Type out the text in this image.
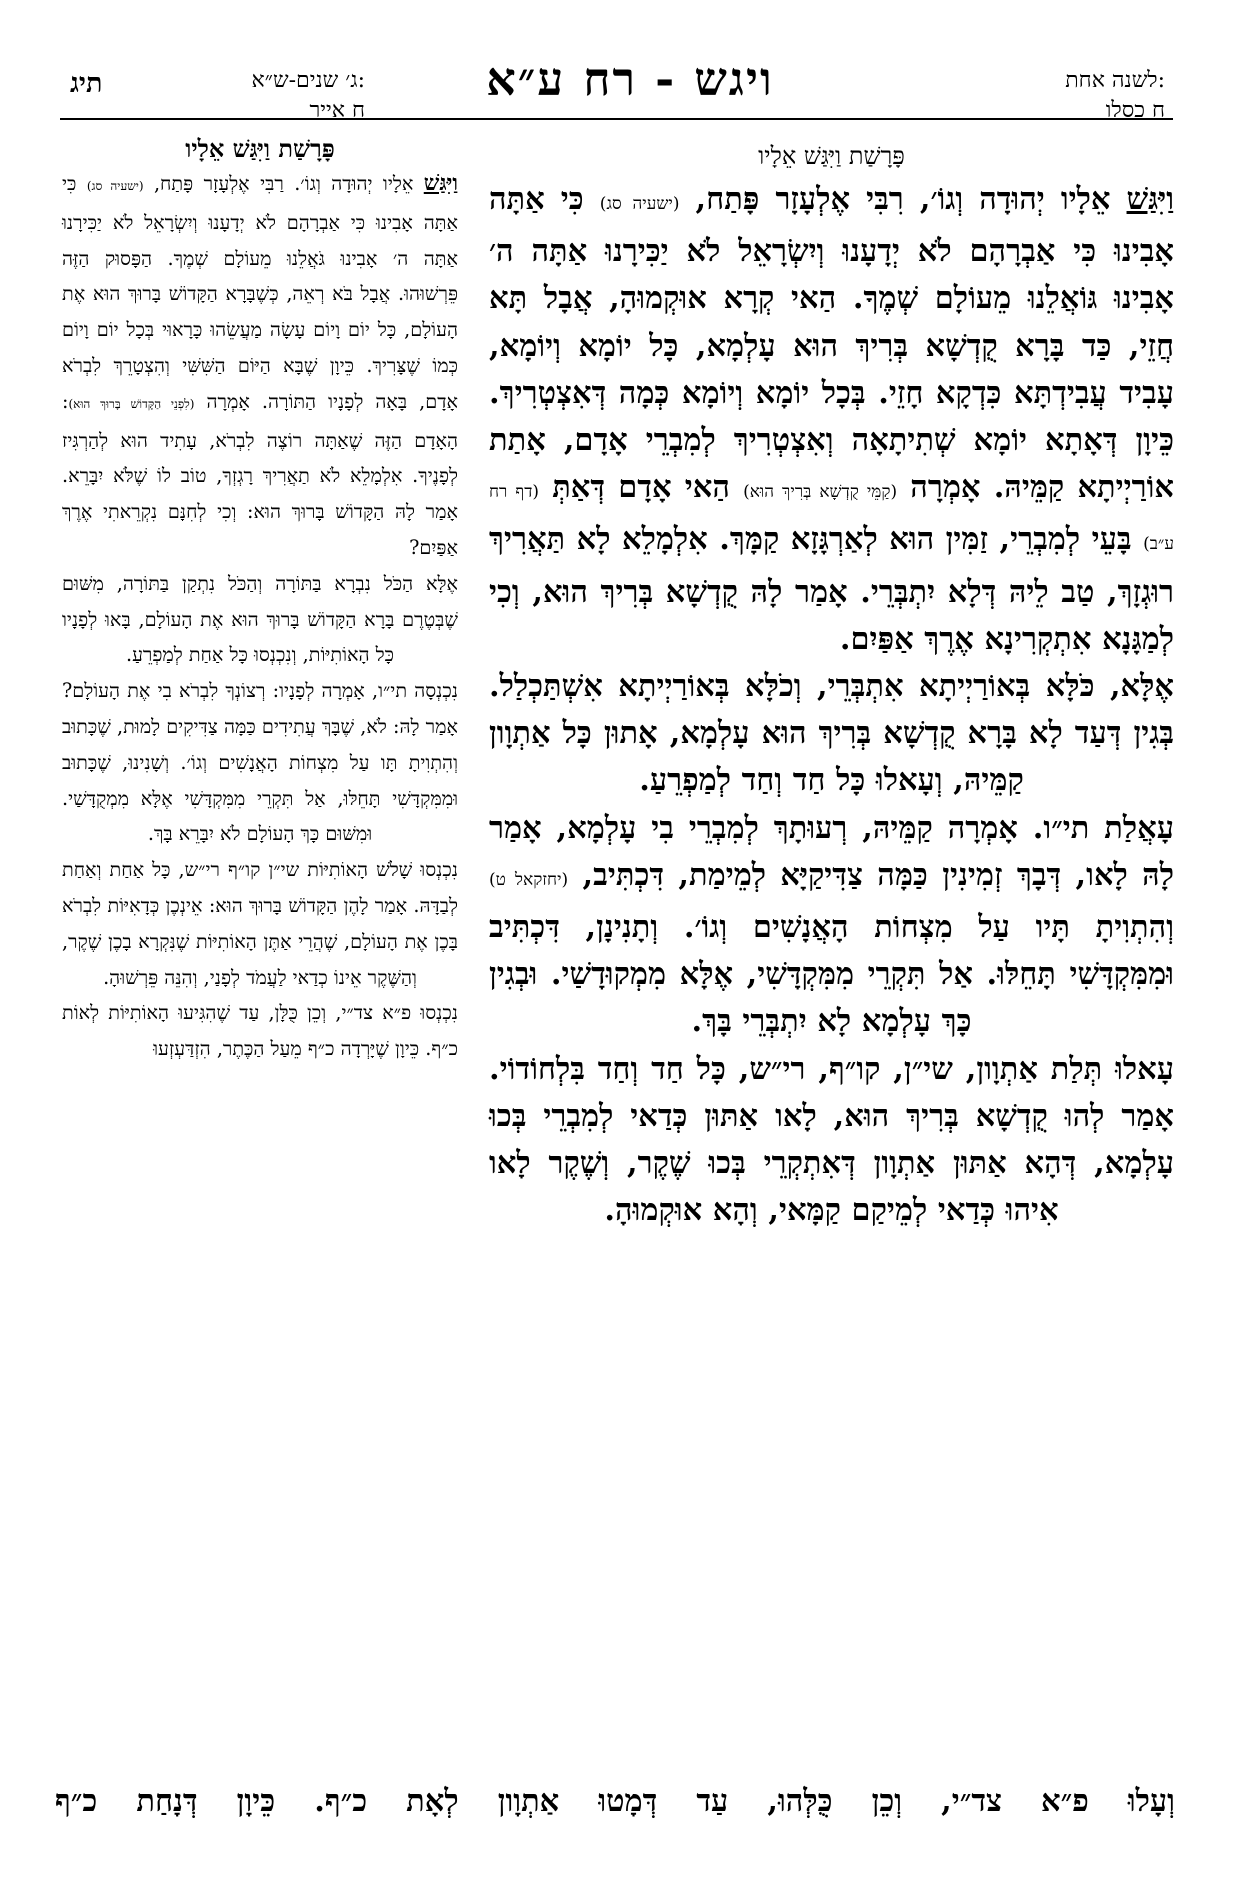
תיג	ג׳ שנים-ש״א:
ח אייר
ויגש - רח ע״א	לשנה אחת:
ח כסלו
פָּרָשַׁת וַיִּגַּשׁ אֵלָיו

וַיִּגַּשׁ אֵלָיו יְהוּדָה וְגוֹ׳, רִבִּי אֶלְעָזָר פָּתַח, (ישעיה סג) כִּי אַתָּה אָבִינוּ כִּי אַבְרָהָם לֹא יְדָעָנוּ וְיִשְׂרָאֵל לֹא יַכִּירָנוּ אַתָּה ה׳ אָבִינוּ גּוֹאֲלֵנוּ מֵעוֹלָם שְׁמֶךָ. הַאי קְרָא אוּקְמוּהָ, אֲבָל תָּא חֲזֵי, כַּד בָּרָא קֻדְשָׁא בְּרִיךְ הוּא עָלְמָא, כָּל יוֹמָא וְיוֹמָא, עָבִיד עֲבִידְתָּא כִּדְקָא חָזֵי. בְּכָל יוֹמָא וְיוֹמָא כְּמָה דְּאִצְטְרִיךְ. כֵּיוָן דְּאָתָא יוֹמָא שְׁתִיתָאָה וְאִצְטְרִיךְ לְמִבְרֵי אָדָם, אָתַת אוֹרַיְיתָא קַמֵּיהּ. אָמְרָה (קַמֵּי קֻדְשָׁא בְּרִיךְ הוּא) הַאי אָדָם דְּאַתְּ (דף רח ע״ב) בָּעֵי לְמִבְרֵי, זַמִּין הוּא לְאַרְגָּזָא קַמָּךְ. אִלְמָלֵא לָא תַּאֲרִיךְ רוּגְזָךְ, טַב לֵיהּ דְּלָא יִתְבְּרֵי. אָמַר לָהּ קֻדְשָׁא בְּרִיךְ הוּא, וְכִי לְמַגָּנָא אִתְקְרִינָא אֶרֶךְ אַפַּיִם.

אֶלָּא, כֹּלָּא בְּאוֹרַיְיתָא אִתְבְּרֵי, וְכֹלָּא בְּאוֹרַיְיתָא אִשְׁתַּכְלַל. בְּגִין דְּעַד לָא בָּרָא קֻדְשָׁא בְּרִיךְ הוּא עָלְמָא, אָתוּן כָּל אַתְוָון קַמֵּיהּ, וְעָאלוּ כָּל חַד וְחַד לְמַפְרֵעַ.

עָאֲלַת תי״ו. אָמְרָה קַמֵּיהּ, רְעוּתָךְ לְמִבְרֵי בִי עָלְמָא, אָמַר לָהּ לָאו, דְּבָךְ זְמִינִין כַּמָּה צַדִּיקַיָּא לְמֵימַת, דִּכְתִּיב, (יחזקאל ט) וְהִתְוִיתָ תָּיו עַל מִצְחוֹת הָאֲנָשִׁים וְגוֹ׳. וְתָנִינָן, דִּכְתִּיב וּמִמִּקְדָּשִׁי תָּחֵלּוּ. אַל תִּקְרֵי מִמִּקְדָּשִׁי, אֶלָּא מִמְקוּדָשַׁי. וּבְגִין כָּךְ עָלְמָא לָא יִתְבְּרֵי בָּךְ.

עָאלוּ תְּלַת אַתְוָון, שי״ן, קו״ף, רי״ש, כָּל חַד וְחַד בִּלְחוֹדוֹי. אָמַר לְהוּ קֻדְשָׁא בְּרִיךְ הוּא, לָאו אַתּוּן כְּדַאי לְמִבְרֵי בְּכוּ עָלְמָא, דְּהָא אַתּוּן אַתְוָון דְּאִתְקְרֵי בְּכוּ שֶׁקֶר, וְשֶׁקֶר לָאו אִיהוּ כְּדַאי לְמֵיקַם קַמָּאי, וְהָא אוּקְמוּהָ.

פָּרָשַׁת וַיִּגַּשׁ אֵלָיו

וַיִּגַּשׁ אֵלָיו יְהוּדָה וְגוֹ׳. רַבִּי אֶלְעָזָר פָּתַח, (ישעיה סג) כִּי אַתָּה אָבִינוּ כִּי אַבְרָהָם לֹא יְדָעָנוּ וְיִשְׂרָאֵל לֹא יַכִּירָנוּ אַתָּה ה׳ אָבִינוּ גֹּאֲלֵנוּ מֵעוֹלָם שְׁמֶךָ. הַפָּסוּק הַזֶּה פֵּרְשׁוּהוּ. אֲבָל בֹּא רְאֵה, כְּשֶׁבָּרָא הַקָּדוֹשׁ בָּרוּךְ הוּא אֶת הָעוֹלָם, כָּל יוֹם וָיוֹם עָשָׂה מַעֲשֵׂהוּ כָּרָאוּי בְּכָל יוֹם וָיוֹם כְּמוֹ שֶׁצָּרִיךְ. כֵּיוָן שֶׁבָּא הַיּוֹם הַשִּׁשִּׁי וְהִצְטָרֵךְ לִבְרֹא אָדָם, בָּאָה לְפָנָיו הַתּוֹרָה. אָמְרָה (לִפְנֵי הַקָּדוֹשׁ בָּרוּךְ הוּא): הָאָדָם הַזֶּה שֶׁאַתָּה רוֹצֶה לִבְרֹא, עָתִיד הוּא לְהַרְגִּיז לְפָנֶיךָ. אִלְמָלֵא לֹא תַאֲרִיךְ רָגְזְךָ, טוֹב לוֹ שֶׁלֹּא יִבָּרֵא. אָמַר לָהּ הַקָּדוֹשׁ בָּרוּךְ הוּא: וְכִי לְחִנָּם נִקְרֵאתִי אֶרֶךְ אַפַּיִם?

אֶלָּא הַכֹּל נִבְרָא בַּתּוֹרָה וְהַכֹּל נִתְקַן בַּתּוֹרָה, מִשּׁוּם שֶׁבְּטֶרֶם בָּרָא הַקָּדוֹשׁ בָּרוּךְ הוּא אֶת הָעוֹלָם, בָּאוּ לְפָנָיו כָּל הָאוֹתִיּוֹת, וְנִכְנְסוּ כָּל אַחַת לְמַפְרֵעַ.

נִכְנְסָה תי״ו, אָמְרָה לְפָנָיו: רְצוֹנְךָ לִבְרֹא בִי אֶת הָעוֹלָם? אָמַר לָהּ: לֹא, שֶׁבָּךְ עֲתִידִים כַּמָּה צַדִּיקִים לָמוּת, שֶׁכָּתוּב וְהִתְוִיתָ תָּו עַל מִצְחוֹת הָאֲנָשִׁים וְגוֹ׳. וְשָׁנִינוּ, שֶׁכָּתוּב וּמִמִּקְדָּשִׁי תָּחֵלּוּ, אַל תִּקְרֵי מִמִּקְדָּשִׁי אֶלָּא מִמְקֻדָּשַׁי. וּמִשּׁוּם כָּךְ הָעוֹלָם לֹא יִבָּרֵא בָּךְ.

נִכְנְסוּ שָׁלֹשׁ הָאוֹתִיּוֹת שי״ן קו״ף רי״ש, כָּל אַחַת וְאַחַת לְבַדָּהּ. אָמַר לָהֶן הַקָּדוֹשׁ בָּרוּךְ הוּא: אֵינְכֶן כְּדָאִיּוֹת לִבְרֹא בָּכֶן אֶת הָעוֹלָם, שֶׁהֲרֵי אַתֶּן הָאוֹתִיּוֹת שֶׁנִּקְרָא בָכֶן שֶׁקֶר, וְהַשֶּׁקֶר אֵינוֹ כְדַאי לַעֲמֹד לְפָנַי, וְהִנֵּה פֵּרְשׁוּהָ.

נִכְנְסוּ פ״א צד״י, וְכֵן כֻּלָּן, עַד שֶׁהִגִּיעוּ הָאוֹתִיּוֹת לְאוֹת כ״ף. כֵּיוָן שֶׁיָּרְדָה כ״ף מֵעַל הַכֶּתֶר, הִזְדַּעְזְעוּ

וְעָלוּ פ״א צד״י, וְכֵן כֻּלְּהוּ, עַד דְּמָטוּ אַתְוָון לְאָת כ״ף. כֵּיוָן דְּנָחַת כ״ף
